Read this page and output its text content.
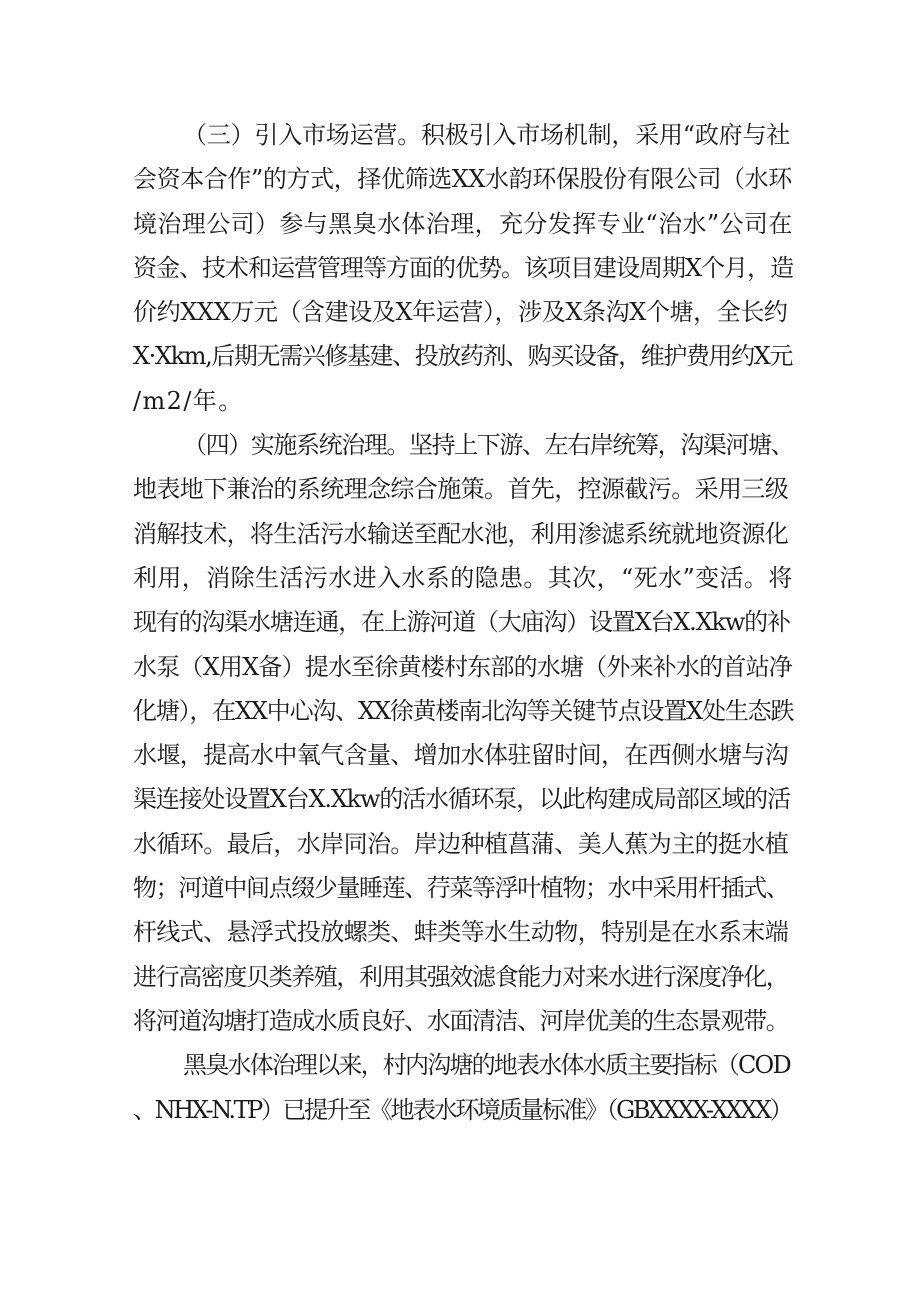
（三）引入市场运营。积极引入市场机制，采用“政府与社
会资本合作”的方式，择优筛选XX水韵环保股份有限公司（水环
境治理公司）参与黑臭水体治理，充分发挥专业“治水”公司在
资金、技术和运营管理等方面的优势。该项目建设周期X个月，造
价约XXX万元（含建设及X年运营），涉及X条沟X个塘，全长约
X·Xkm,后期无需兴修基建、投放药剂、购买设备，维护费用约X元
/m2/年。
（四）实施系统治理。坚持上下游、左右岸统筹，沟渠河塘、
地表地下兼治的系统理念综合施策。首先，控源截污。采用三级
消解技术，将生活污水输送至配水池，利用渗滤系统就地资源化
利用，消除生活污水进入水系的隐患。其次，“死水”变活。将
现有的沟渠水塘连通，在上游河道（大庙沟）设置X台X.Xkw的补
水泵（X用X备）提水至徐黄楼村东部的水塘（外来补水的首站净
化塘），在XX中心沟、XX徐黄楼南北沟等关键节点设置X处生态跌
水堰，提高水中氧气含量、增加水体驻留时间，在西侧水塘与沟
渠连接处设置X台X.Xkw的活水循环泵，以此构建成局部区域的活
水循环。最后，水岸同治。岸边种植菖蒲、美人蕉为主的挺水植
物；河道中间点缀少量睡莲、荇菜等浮叶植物；水中采用杆插式、
杆线式、悬浮式投放螺类、蚌类等水生动物，特别是在水系末端
进行高密度贝类养殖，利用其强效滤食能力对来水进行深度净化，
将河道沟塘打造成水质良好、水面清洁、河岸优美的生态景观带。
黑臭水体治理以来，村内沟塘的地表水体水质主要指标（COD
、NHX-N.TP）已提升至《地表水环境质量标准》（GBXXXX-XXXX）
